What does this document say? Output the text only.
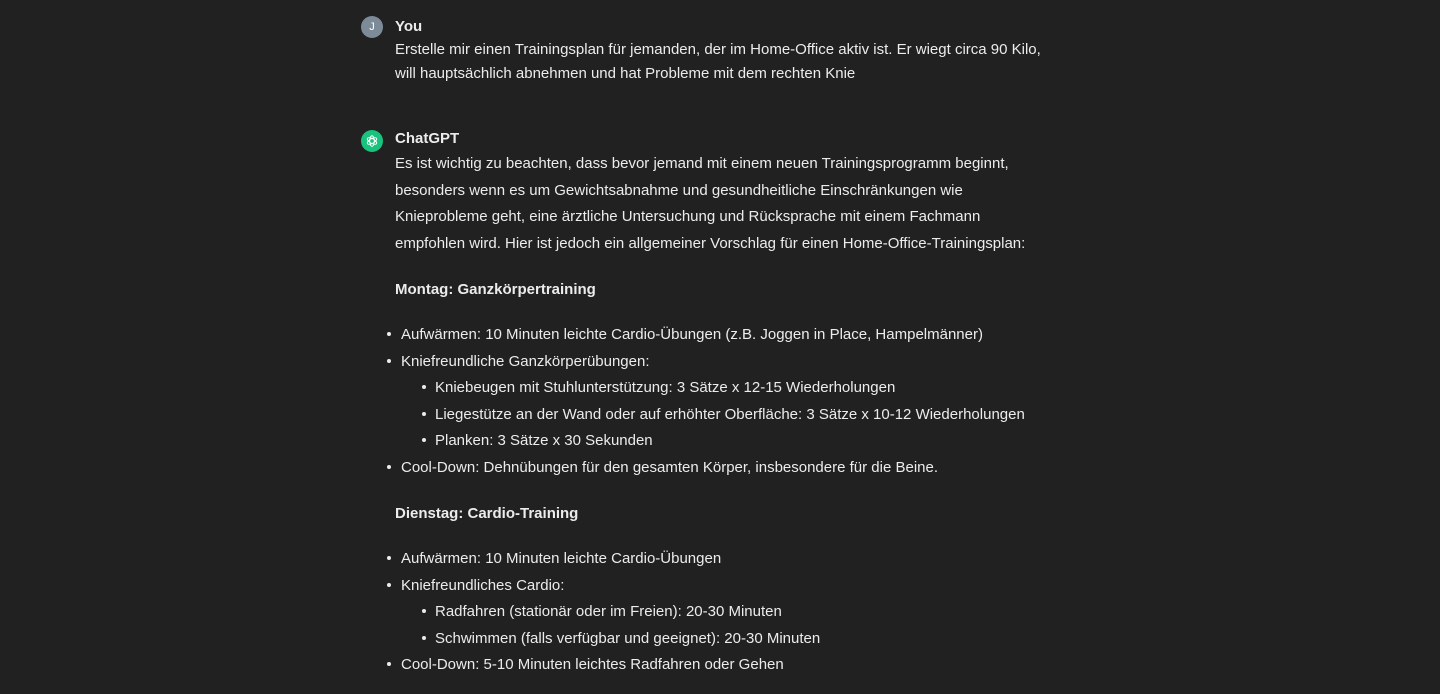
J You
Erstelle mir einen Trainingsplan für jemanden, der im Home-Office aktiv ist. Er wiegt circa 90 Kilo,
will hauptsächlich abnehmen und hat Probleme mit dem rechten Knie
ChatGPT

Es ist wichtig zu beachten, dass bevor jemand mit einem neuen Trainingsprogramm beginnt,

besonders wenn es um Gewichtsabnahme und gesundheitliche Einschränkungen wie

Knieprobleme geht, eine ärztliche Untersuchung und Rücksprache mit einem Fachmann

empfohlen wird. Hier ist jedoch ein allgemeiner Vorschlag für einen Home-Office-Trainingsplan:

Montag: Ganzkörpertraining

Aufwärmen: 10 Minuten leichte Cardio-Übungen (z.B. Joggen in Place, Hampelmänner)
Kniefreundliche Ganzkörperübungen:
Kniebeugen mit Stuhlunterstützung: 3 Sätze x 12-15 Wiederholungen
Liegestütze an der Wand oder auf erhöhter Oberfläche: 3 Sätze x 10-12 Wiederholungen
Planken: 3 Sätze x 30 Sekunden
Cool-Down: Dehnübungen für den gesamten Körper, insbesondere für die Beine.

Dienstag: Cardio-Training

Aufwärmen: 10 Minuten leichte Cardio-Übungen
Kniefreundliches Cardio:
Radfahren (stationär oder im Freien): 20-30 Minuten
Schwimmen (falls verfügbar und geeignet): 20-30 Minuten
Cool-Down: 5-10 Minuten leichtes Radfahren oder Gehen
